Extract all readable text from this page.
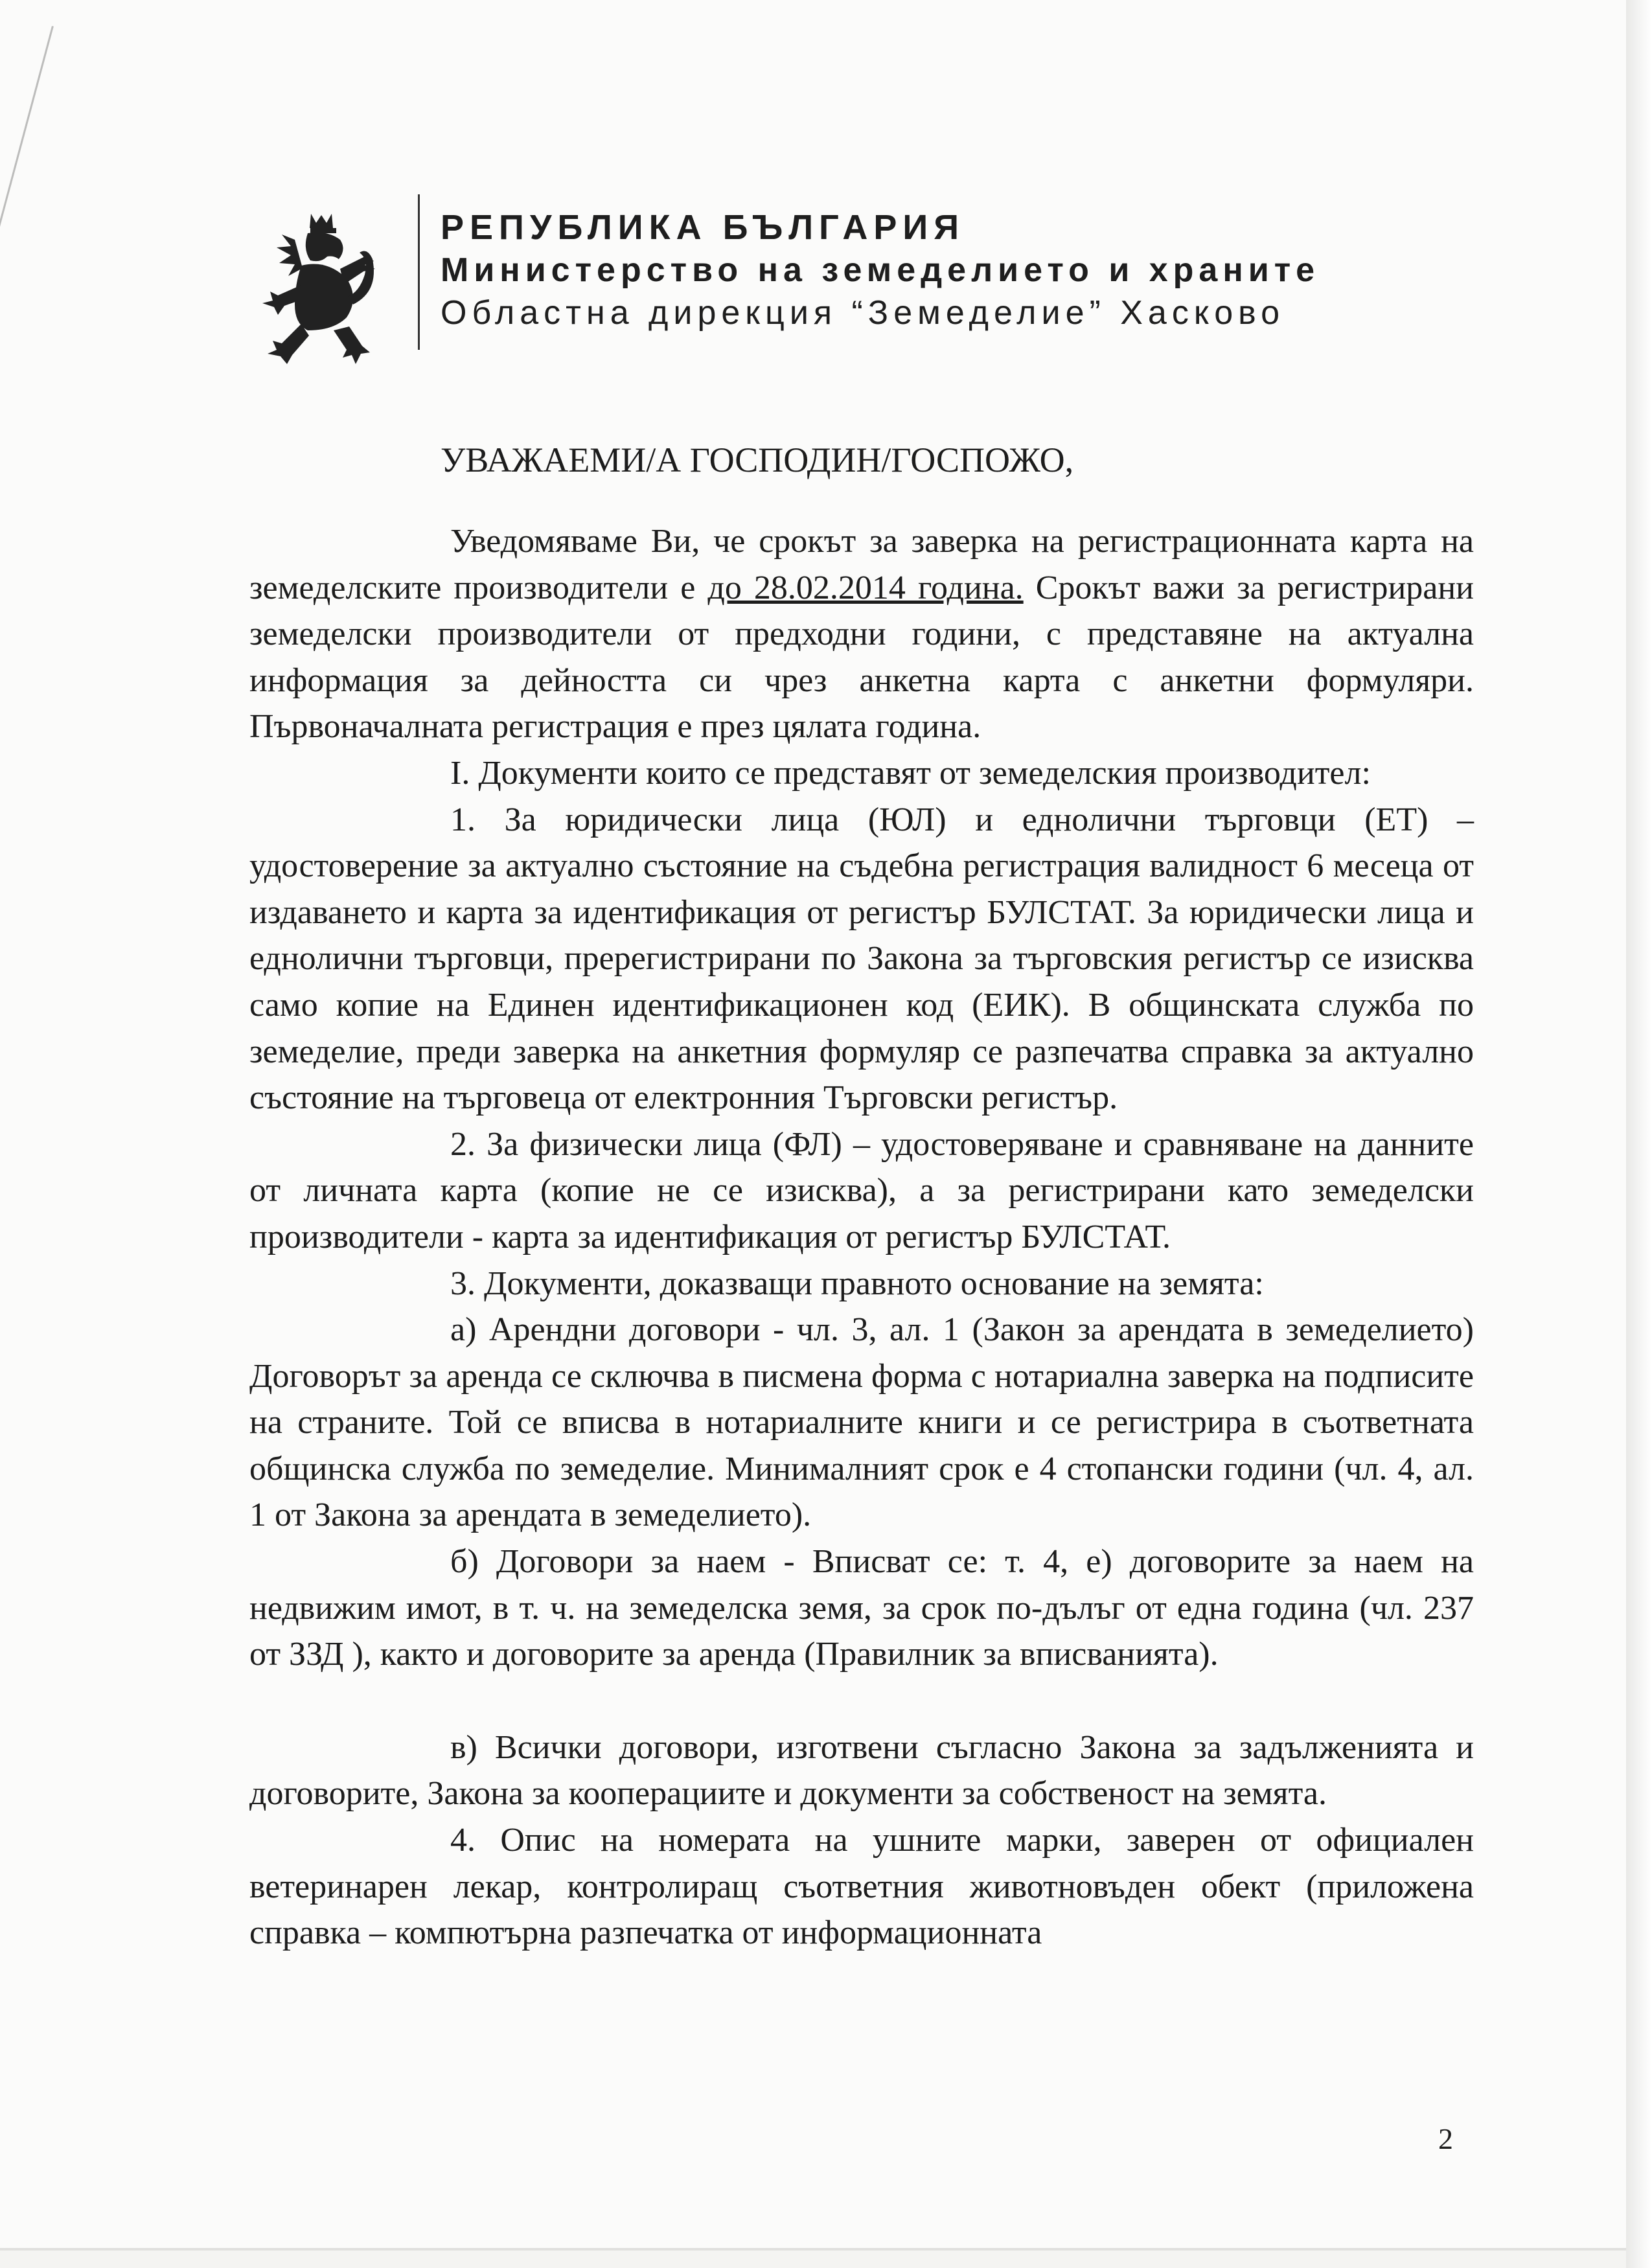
РЕПУБЛИКА БЪЛГАРИЯ
Министерство на земеделието и храните
Областна дирекция “Земеделие” Хасково
УВАЖАЕМИ/А ГОСПОДИН/ГОСПОЖО,

Уведомяваме Ви, че срокът за заверка на регистрационната карта на земеделските производители е до 28.02.2014 година. Срокът важи за регистрирани земеделски производители от предходни години, с представяне на актуална информация за дейността си чрез анкетна карта с анкетни формуляри. Първоначалната регистрация е през цялата година.

I. Документи които се представят от земеделския производител:

1. За юридически лица (ЮЛ) и еднолични търговци (ЕТ) – удостоверение за актуално състояние на съдебна регистрация валидност 6 месеца от издаването и карта за идентификация от регистър БУЛСТАТ. За юридически лица и еднолични търговци, пререгистрирани по Закона за търговския регистър се изисква само копие на Единен идентификационен код (ЕИК). В общинската служба по земеделие, преди заверка на анкетния формуляр се разпечатва справка за актуално състояние на търговеца от електронния Търговски регистър.

2. За физически лица (ФЛ) – удостоверяване и сравняване на данните от личната карта (копие не се изисква), а за регистрирани като земеделски производители - карта за идентификация от регистър БУЛСТАТ.

3. Документи, доказващи правното основание на земята:

а) Арендни договори - чл. 3, ал. 1 (Закон за арендата в земеделието) Договорът за аренда се сключва в писмена форма с нотариална заверка на подписите на страните. Той се вписва в нотариалните книги и се регистрира в съответната общинска служба по земеделие. Минималният срок е 4 стопански години (чл. 4, ал. 1 от Закона за арендата в земеделието).

б) Договори за наем - Вписват се: т. 4, е) договорите за наем на недвижим имот, в т. ч. на земеделска земя, за срок по-дълъг от една година (чл. 237 от ЗЗД ), както и договорите за аренда (Правилник за вписванията).

в) Всички договори, изготвени съгласно Закона за задълженията и договорите, Закона за кооперациите и документи за собственост на земята.

4. Опис на номерата на ушните марки, заверен от официален ветеринарен лекар, контролиращ съответния животновъден обект (приложена справка – компютърна разпечатка от информационната

2
